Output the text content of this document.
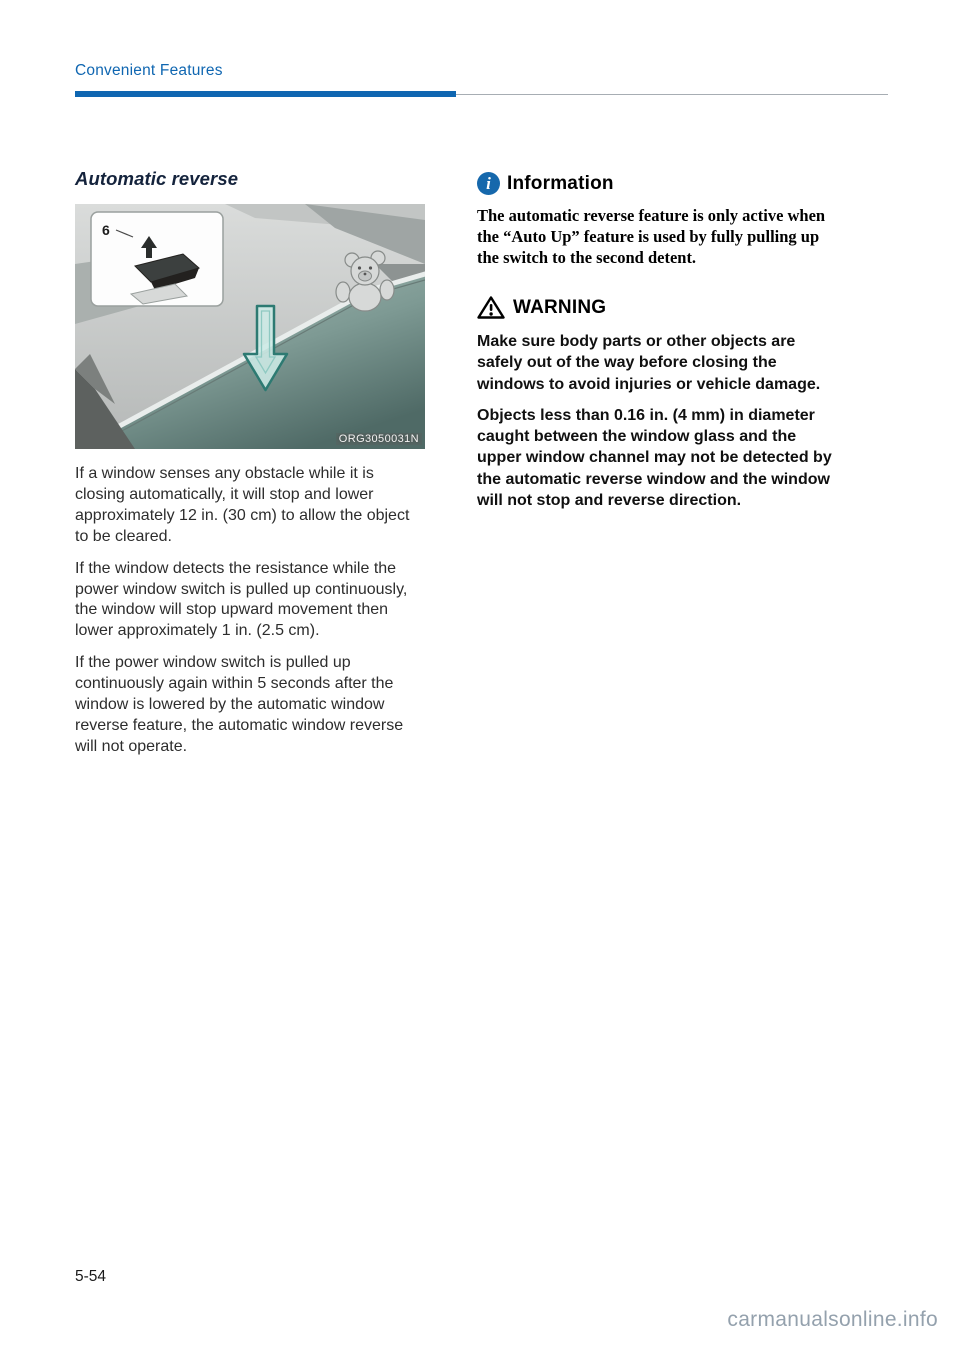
Convenient Features
Automatic reverse
6
ORG3050031N

If a window senses any obstacle while it is closing automatically, it will stop and lower approximately 12 in. (30 cm) to allow the object to be cleared.

If the window detects the resistance while the power window switch is pulled up continuously, the window will stop upward movement then lower approximately 1 in. (2.5 cm).

If the power window switch is pulled up continuously again within 5 seconds after the window is lowered by the automatic window reverse feature, the automatic window reverse will not operate.

i Information

The automatic reverse feature is only active when the “Auto Up” feature is used by fully pulling up the switch to the second detent.

WARNING

Make sure body parts or other objects are safely out of the way before closing the windows to avoid injuries or vehicle damage.

Objects less than 0.16 in. (4 mm) in diameter caught between the window glass and the upper window channel may not be detected by the automatic reverse window and the window will not stop and reverse direction.

5-54
carmanualsonline.info
